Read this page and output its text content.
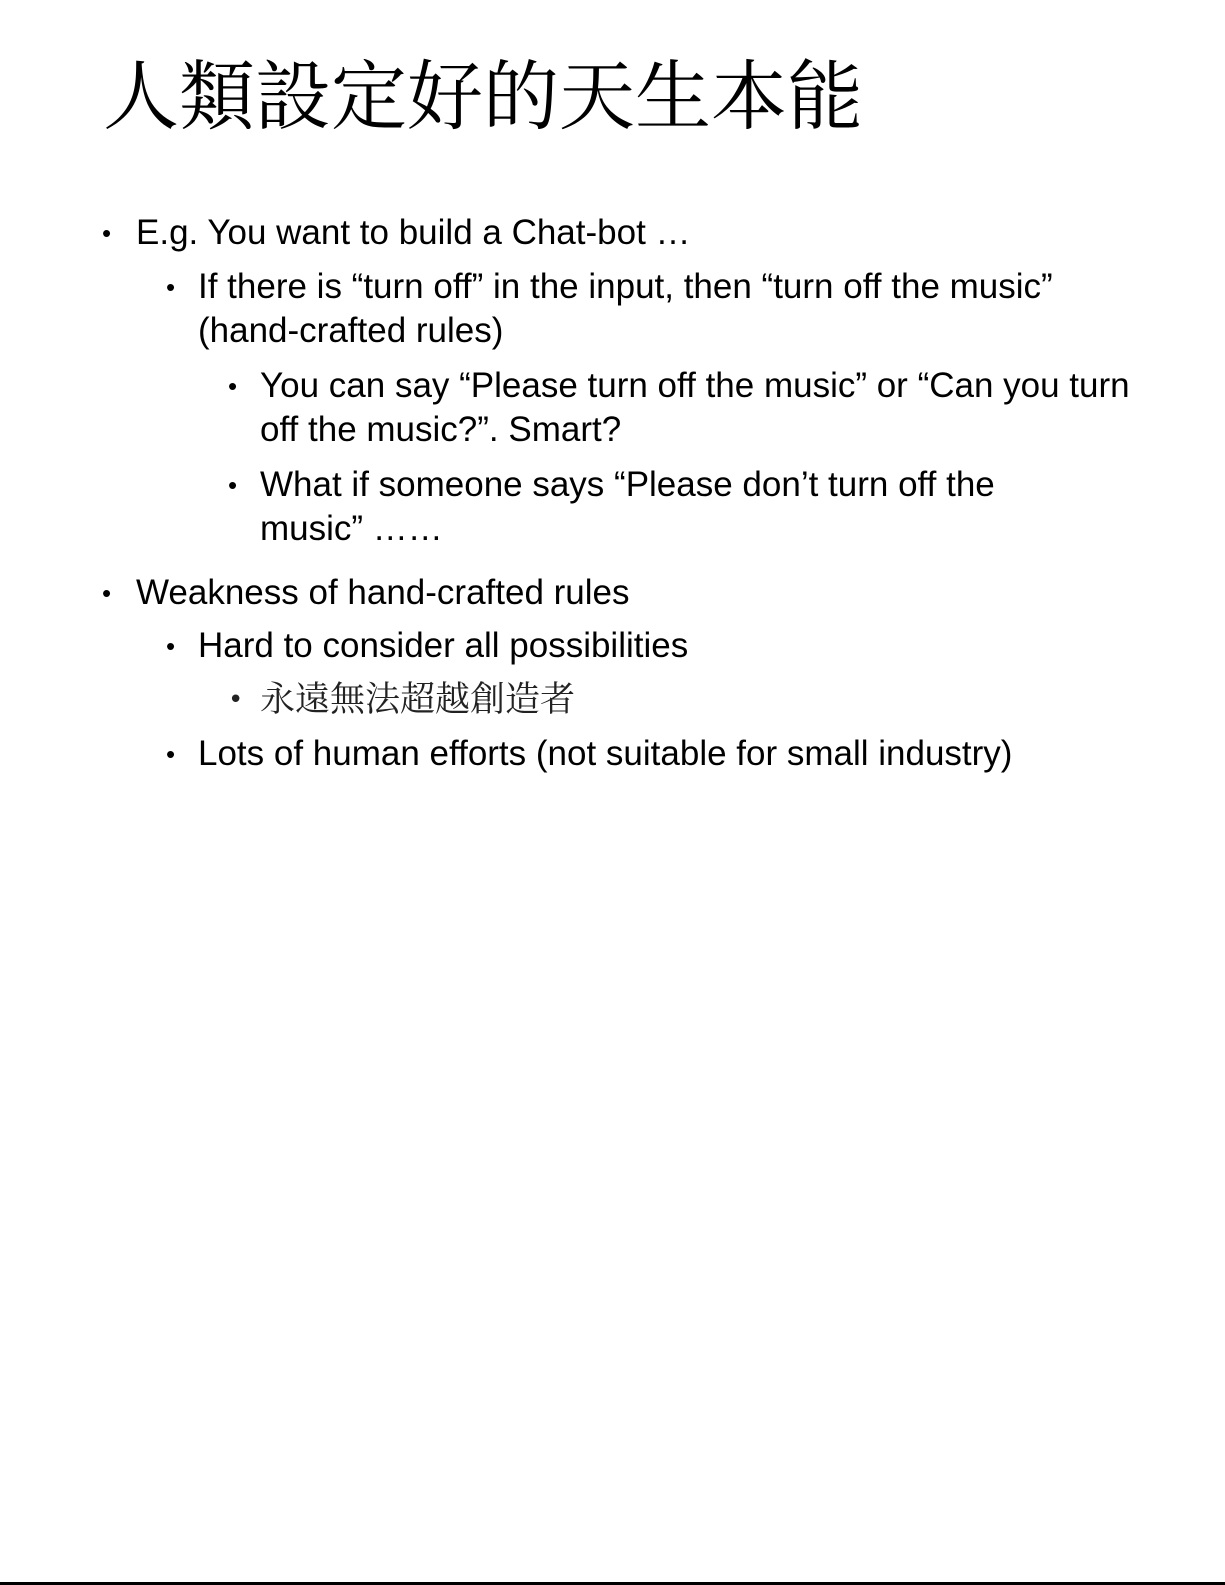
人類設定好的天生本能
• E.g. You want to build a Chat-bot …
• If there is “turn off” in the input, then “turn off the music” (hand-crafted rules)
• You can say “Please turn off the music” or “Can you turn off the music?”. Smart?
• What if someone says “Please don’t turn off the music” ……
• Weakness of hand-crafted rules
• Hard to consider all possibilities
• 永遠無法超越創造者
• Lots of human efforts (not suitable for small industry)
